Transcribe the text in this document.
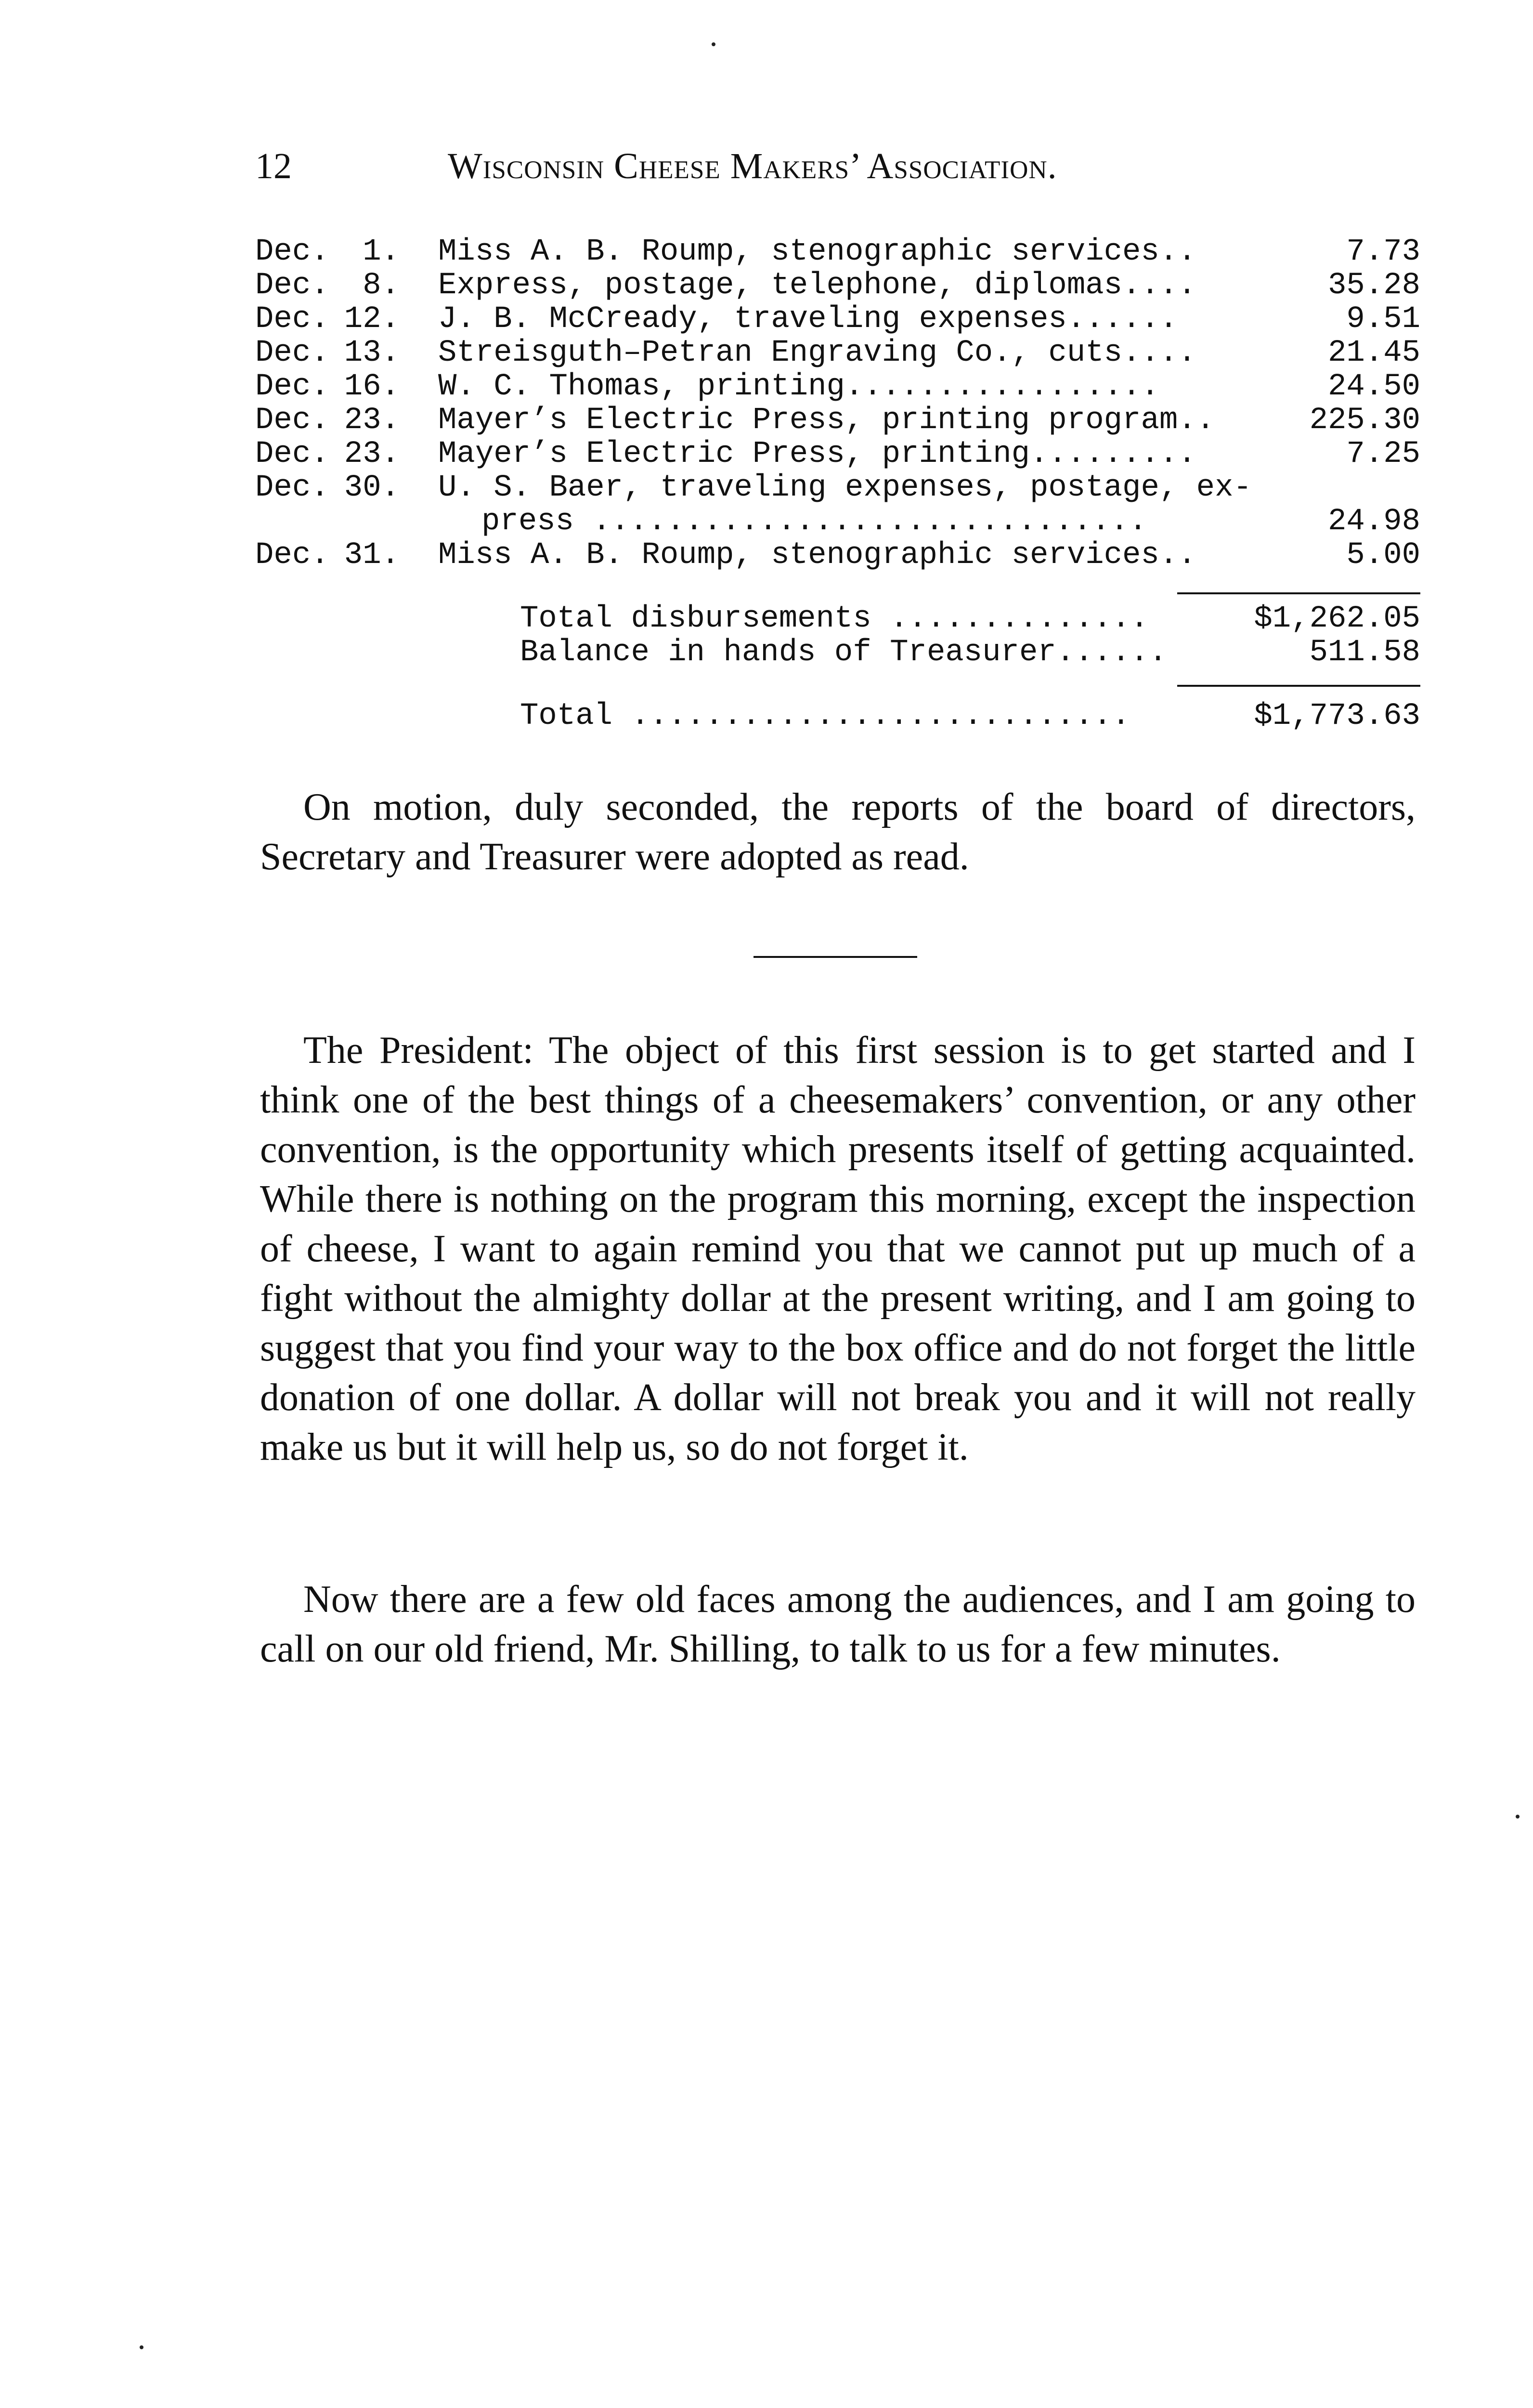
12	Wisconsin Cheese Makers’ Association.
Dec.	1. Miss A. B. Roump, stenographic services..	7.73
Dec.	8. Express, postage, telephone, diplomas....	35.28
Dec. 12. J. B. McCready, traveling expenses......	9.51
Dec. 13. Streisguth–Petran Engraving Co., cuts....	21.45
Dec. 16. W. C. Thomas, printing.................	24.50
Dec. 23. Mayer’s Electric Press, printing program..	225.30
Dec. 23. Mayer’s Electric Press, printing.........	7.25
Dec. 30. U. S. Baer, traveling expenses, postage, ex-
press ..............................	24.98
Dec. 31. Miss A. B. Roump, stenographic services..	5.00
Total disbursements ..............	$1,262.05
Balance in hands of Treasurer......	511.58
Total ...........................	$1,773.63

On motion, duly seconded, the reports of the board of directors, Secretary and Treasurer were adopted as read.

The President: The object of this first session is to get started and I think one of the best things of a cheesemakers’ convention, or any other convention, is the opportunity which presents itself of getting acquainted. While there is nothing on the program this morning, except the inspection of cheese, I want to again remind you that we cannot put up much of a fight without the almighty dollar at the present writing, and I am going to suggest that you find your way to the box office and do not forget the little donation of one dollar. A dollar will not break you and it will not really make us but it will help us, so do not forget it.

Now there are a few old faces among the audiences, and I am going to call on our old friend, Mr. Shilling, to talk to us for a few minutes.
